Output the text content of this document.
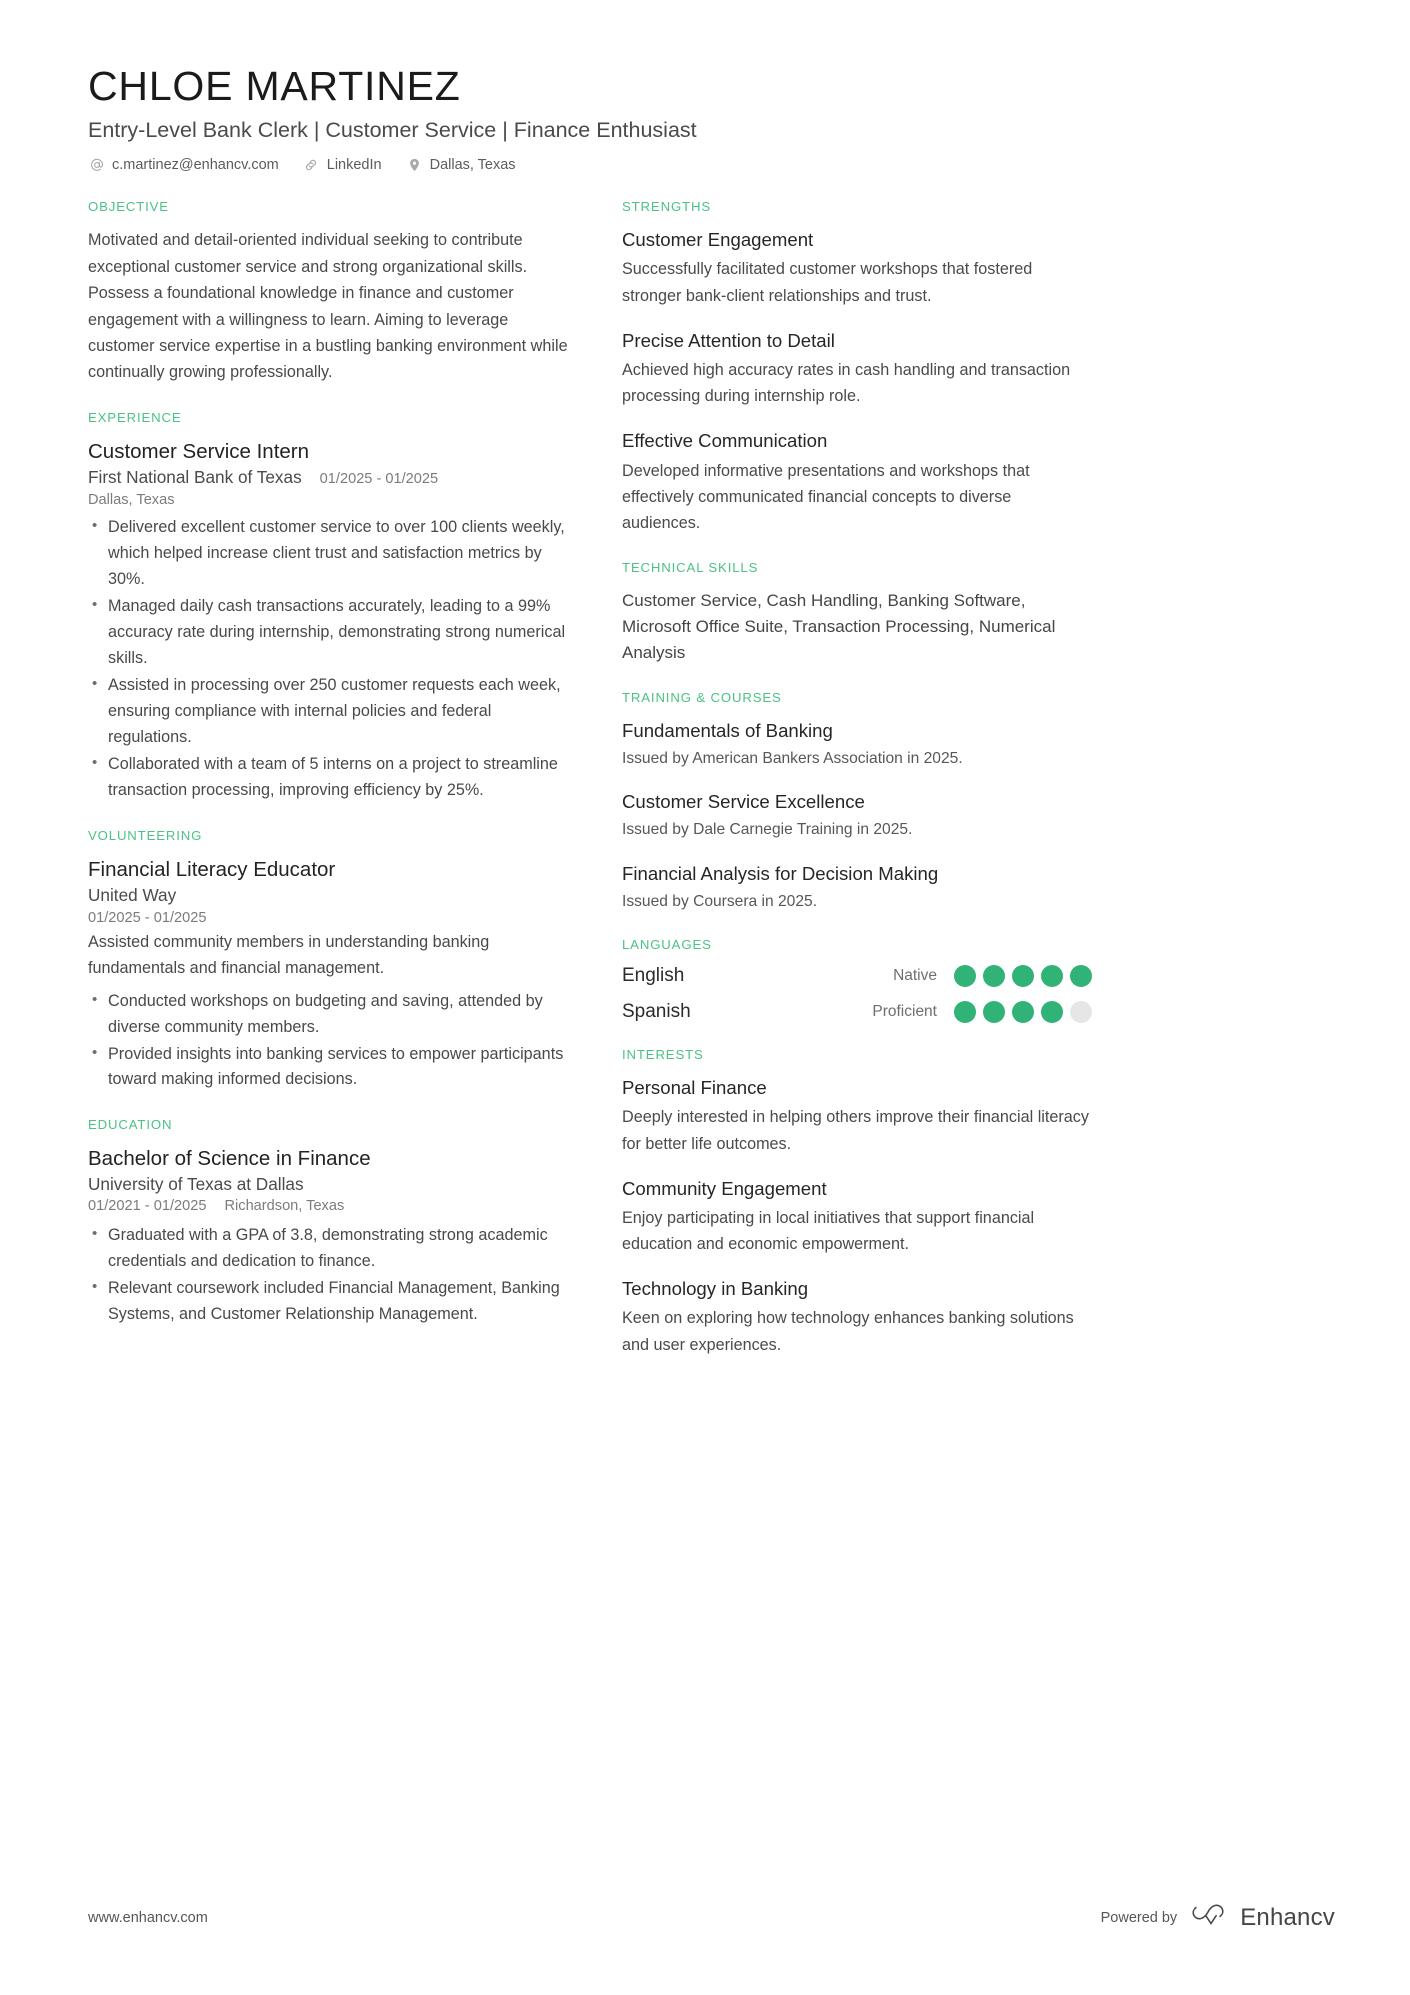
CHLOE MARTINEZ
Entry-Level Bank Clerk | Customer Service | Finance Enthusiast
c.martinez@enhancv.com	LinkedIn	Dallas, Texas
OBJECTIVE
Motivated and detail-oriented individual seeking to contribute exceptional customer service and strong organizational skills. Possess a foundational knowledge in finance and customer engagement with a willingness to learn. Aiming to leverage customer service expertise in a bustling banking environment while continually growing professionally.
EXPERIENCE
Customer Service Intern
First National Bank of Texas 01/2025 - 01/2025
Dallas, Texas
• Delivered excellent customer service to over 100 clients weekly, which helped increase client trust and satisfaction metrics by 30%.
• Managed daily cash transactions accurately, leading to a 99% accuracy rate during internship, demonstrating strong numerical skills.
• Assisted in processing over 250 customer requests each week, ensuring compliance with internal policies and federal regulations.
• Collaborated with a team of 5 interns on a project to streamline transaction processing, improving efficiency by 25%.
VOLUNTEERING
Financial Literacy Educator
United Way
01/2025 - 01/2025
Assisted community members in understanding banking fundamentals and financial management.
• Conducted workshops on budgeting and saving, attended by diverse community members.
• Provided insights into banking services to empower participants toward making informed decisions.
EDUCATION
Bachelor of Science in Finance
University of Texas at Dallas
01/2021 - 01/2025 Richardson, Texas
• Graduated with a GPA of 3.8, demonstrating strong academic credentials and dedication to finance.
• Relevant coursework included Financial Management, Banking Systems, and Customer Relationship Management.
STRENGTHS
Customer Engagement
Successfully facilitated customer workshops that fostered stronger bank-client relationships and trust.
Precise Attention to Detail
Achieved high accuracy rates in cash handling and transaction processing during internship role.
Effective Communication
Developed informative presentations and workshops that effectively communicated financial concepts to diverse audiences.
TECHNICAL SKILLS
Customer Service, Cash Handling, Banking Software, Microsoft Office Suite, Transaction Processing, Numerical Analysis
TRAINING & COURSES
Fundamentals of Banking
Issued by American Bankers Association in 2025.
Customer Service Excellence
Issued by Dale Carnegie Training in 2025.
Financial Analysis for Decision Making
Issued by Coursera in 2025.
LANGUAGES
English	Native
Spanish	Proficient
INTERESTS
Personal Finance
Deeply interested in helping others improve their financial literacy for better life outcomes.
Community Engagement
Enjoy participating in local initiatives that support financial education and economic empowerment.
Technology in Banking
Keen on exploring how technology enhances banking solutions and user experiences.
www.enhancv.com	Powered by	Enhancv
